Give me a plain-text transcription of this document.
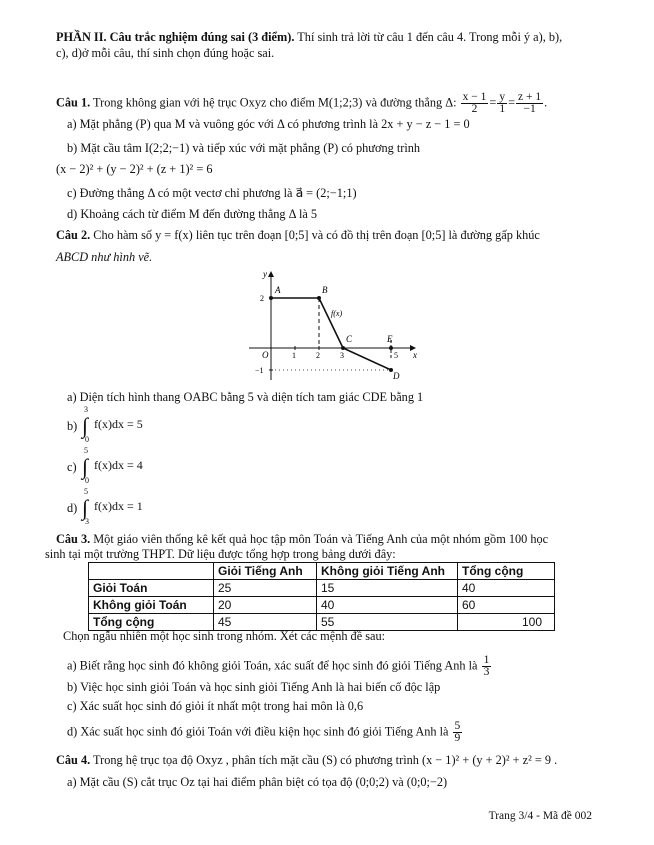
PHẦN II. Câu trắc nghiệm đúng sai (3 điểm). Thí sinh trả lời từ câu 1 đến câu 4. Trong mỗi ý a), b),
c), d)ở mỗi câu, thí sinh chọn đúng hoặc sai.
Câu 1. Trong không gian với hệ trục Oxyz cho điểm M(1;2;3) và đường thẳng Δ: $\frac{x - 1}{2} = \frac{y}{1} = \frac{z + 1}{-1}$ .
a) Mặt phẳng (P) qua M và vuông góc với Δ có phương trình là 2x + y − z − 1 = 0
b) Mặt cầu tâm I(2;2;−1) và tiếp xúc với mặt phẳng (P) có phương trình
(x − 2)² + (y − 2)² + (z + 1)² = 6
c) Đường thẳng Δ có một vectơ chỉ phương là a⃗ = (2;−1;1)
d) Khoảng cách từ điểm M đến đường thẳng Δ là 5
Câu 2. Cho hàm số y = f(x) liên tục trên đoạn [0;5] và có đồ thị trên đoạn [0;5] là đường gấp khúc
ABCD như hình vẽ.
y
x
A	B
C
D
E
O
f(x)
1	2	3	5
2
−1
a) Diện tích hình thang OABC bằng 5 và diện tích tam giác CDE bằng 1
b) ∫
3
0
f(x)dx = 5
c) ∫
5
0
f(x)dx = 4
d) ∫
5
3
f(x)dx = 1
Câu 3. Một giáo viên thống kê kết quả học tập môn Toán và Tiếng Anh của một nhóm gồm 100 học
sinh tại một trường THPT. Dữ liệu được tổng hợp trong bảng dưới đây:
	Giỏi Tiếng Anh	Không giỏi Tiếng Anh	Tổng cộng
Giỏi Toán	25	15	40
Không giỏi Toán	20	40	60
Tổng cộng	45	55	100
Chọn ngẫu nhiên một học sinh trong nhóm. Xét các mệnh đề sau:
a) Biết rằng học sinh đó không giỏi Toán, xác suất để học sinh đó giỏi Tiếng Anh là $\frac{1}{3}$
b) Việc học sinh giỏi Toán và học sinh giỏi Tiếng Anh là hai biến cố độc lập
c) Xác suất học sinh đó giỏi ít nhất một trong hai môn là 0,6
d) Xác suất học sinh đó giỏi Toán với điều kiện học sinh đó giỏi Tiếng Anh là $\frac{5}{9}$
Câu 4. Trong hệ trục tọa độ Oxyz , phân tích mặt cầu (S) có phương trình (x − 1)² + (y + 2)² + z² = 9 .
a) Mặt cầu (S) cắt trục Oz tại hai điểm phân biệt có tọa độ (0;0;2) và (0;0;−2)
Trang 3/4 - Mã đề 002
